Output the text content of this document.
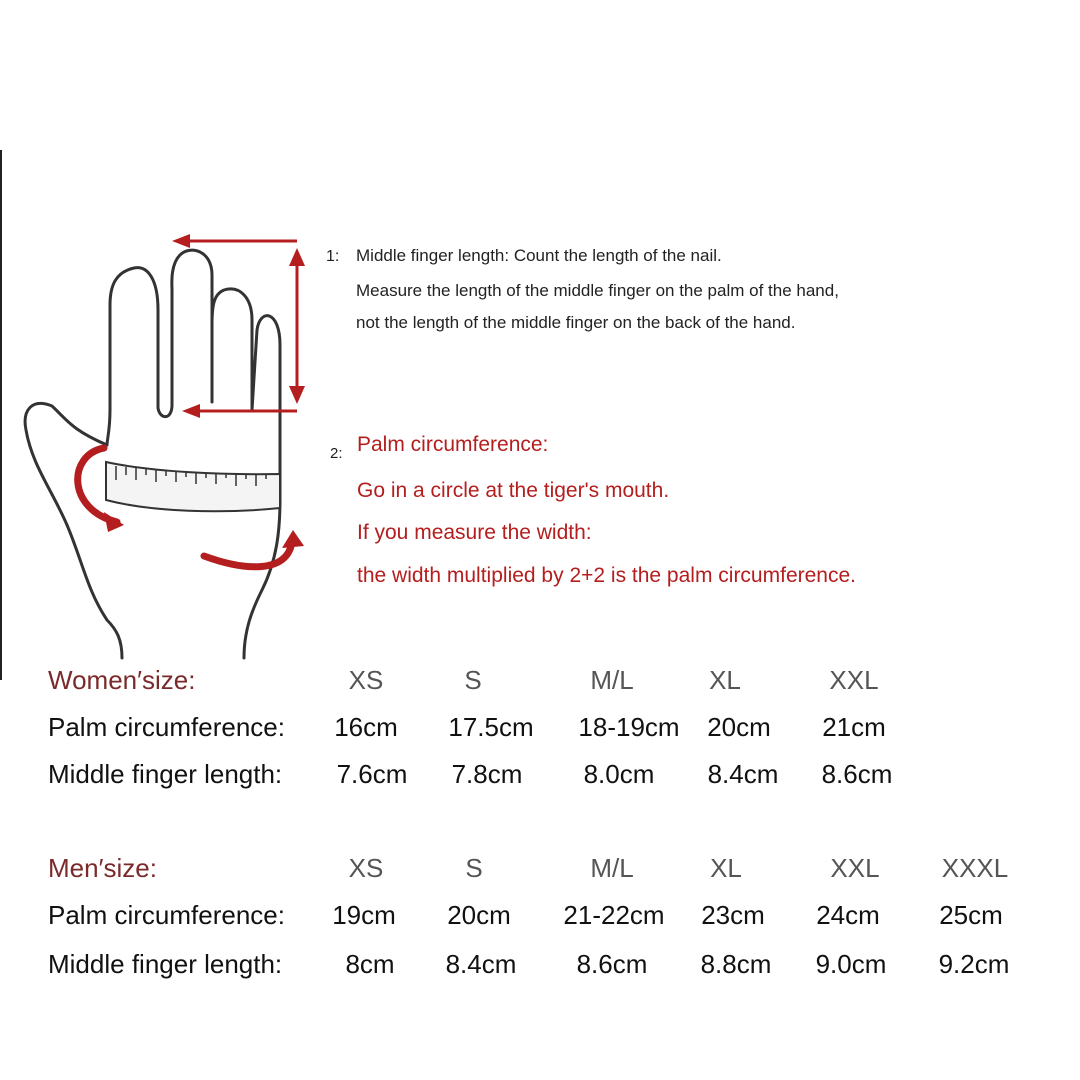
1: Middle finger length: Count the length of the nail.
Measure the length of the middle finger on the palm of the hand,
not the length of the middle finger on the back of the hand.
2: Palm circumference:
Go in a circle at the tiger's mouth.
If you measure the width:
the width multiplied by 2+2 is the palm circumference.
Women′size:	XS	S	M/L	XL	XXL
Palm circumference: 16cm 17.5cm 18-19cm 20cm 21cm
Middle finger length: 7.6cm 7.8cm 8.0cm 8.4cm 8.6cm
Men′size:	XS	S	M/L	XL	XXL XXXL
Palm circumference: 19cm 20cm 21-22cm 23cm 24cm 25cm
Middle finger length: 8cm 8.4cm 8.6cm 8.8cm 9.0cm 9.2cm
